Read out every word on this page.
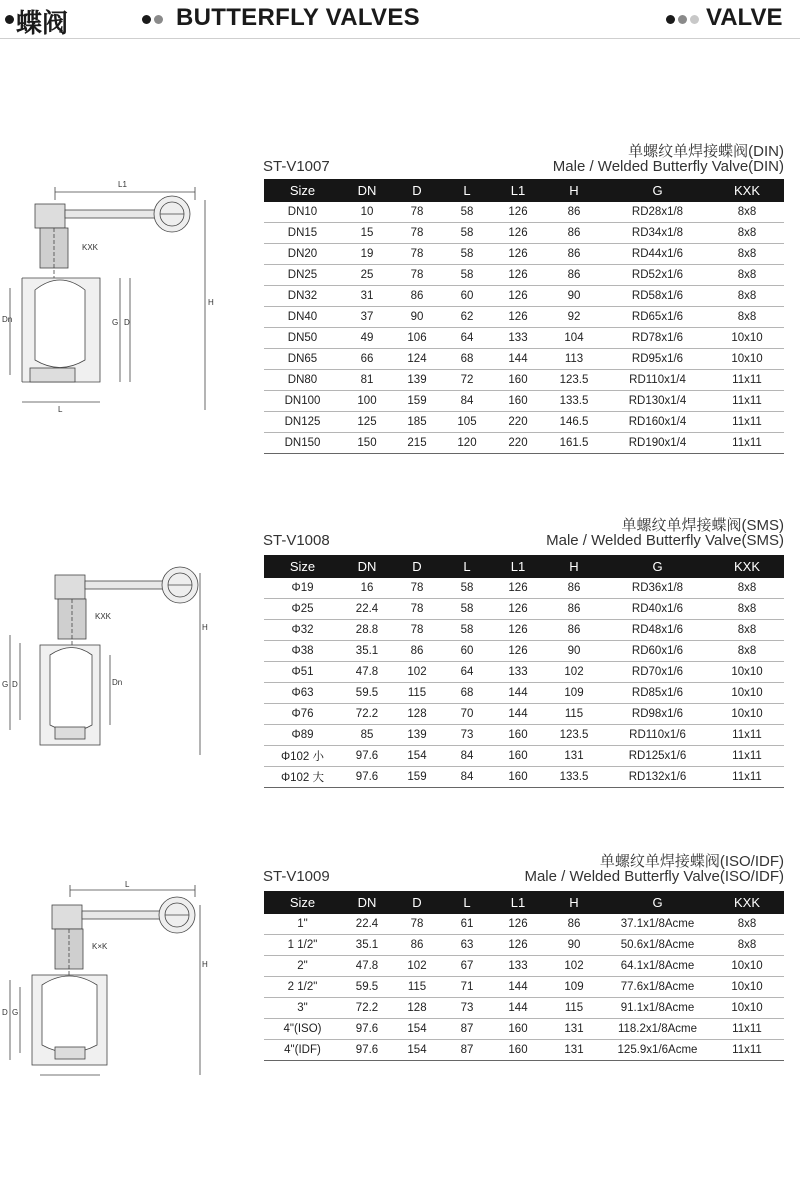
蝶阀	BUTTERFLY VALVES	VALVE
单螺纹单焊接蝶阀(DIN)
ST-V1007	Male / Welded Butterfly Valve(DIN)
L1
KXK
H
Dn	G D
L
Size	DN	D	L	L1	H	G	KXK
DN10	10	78	58	126	86	RD28x1/8	8x8
DN15	15	78	58	126	86	RD34x1/8	8x8
DN20	19	78	58	126	86	RD44x1/6	8x8
DN25	25	78	58	126	86	RD52x1/6	8x8
DN32	31	86	60	126	90	RD58x1/6	8x8
DN40	37	90	62	126	92	RD65x1/6	8x8
DN50	49	106	64	133	104	RD78x1/6	10x10
DN65	66	124	68	144	113	RD95x1/6	10x10
DN80	81	139	72	160	123.5	RD110x1/4	11x11
DN100	100	159	84	160	133.5	RD130x1/4	11x11
DN125	125	185	105	220	146.5	RD160x1/4	11x11
DN150	150	215	120	220	161.5	RD190x1/4	11x11
单螺纹单焊接蝶阀(SMS)
ST-V1008	Male / Welded Butterfly Valve(SMS)
KXK
H
G D	Dn
Size	DN	D	L	L1	H	G	KXK
Φ19	16	78	58	126	86	RD36x1/8	8x8
Φ25	22.4	78	58	126	86	RD40x1/6	8x8
Φ32	28.8	78	58	126	86	RD48x1/6	8x8
Φ38	35.1	86	60	126	90	RD60x1/6	8x8
Φ51	47.8	102	64	133	102	RD70x1/6	10x10
Φ63	59.5	115	68	144	109	RD85x1/6	10x10
Φ76	72.2	128	70	144	115	RD98x1/6	10x10
Φ89	85	139	73	160	123.5	RD110x1/6	11x11
Φ102 小	97.6	154	84	160	131	RD125x1/6	11x11
Φ102 大	97.6	159	84	160	133.5	RD132x1/6	11x11
单螺纹单焊接蝶阀(ISO/IDF)
ST-V1009	Male / Welded Butterfly Valve(ISO/IDF)
L
K×K
H
D G
Size	DN	D	L	L1	H	G	KXK
1"	22.4	78	61	126	86	37.1x1/8Acme	8x8
1 1/2"	35.1	86	63	126	90	50.6x1/8Acme	8x8
2"	47.8	102	67	133	102	64.1x1/8Acme	10x10
2 1/2"	59.5	115	71	144	109	77.6x1/8Acme	10x10
3"	72.2	128	73	144	115	91.1x1/8Acme	10x10
4"(ISO)	97.6	154	87	160	131	118.2x1/8Acme	11x11
4"(IDF)	97.6	154	87	160	131	125.9x1/6Acme	11x11
